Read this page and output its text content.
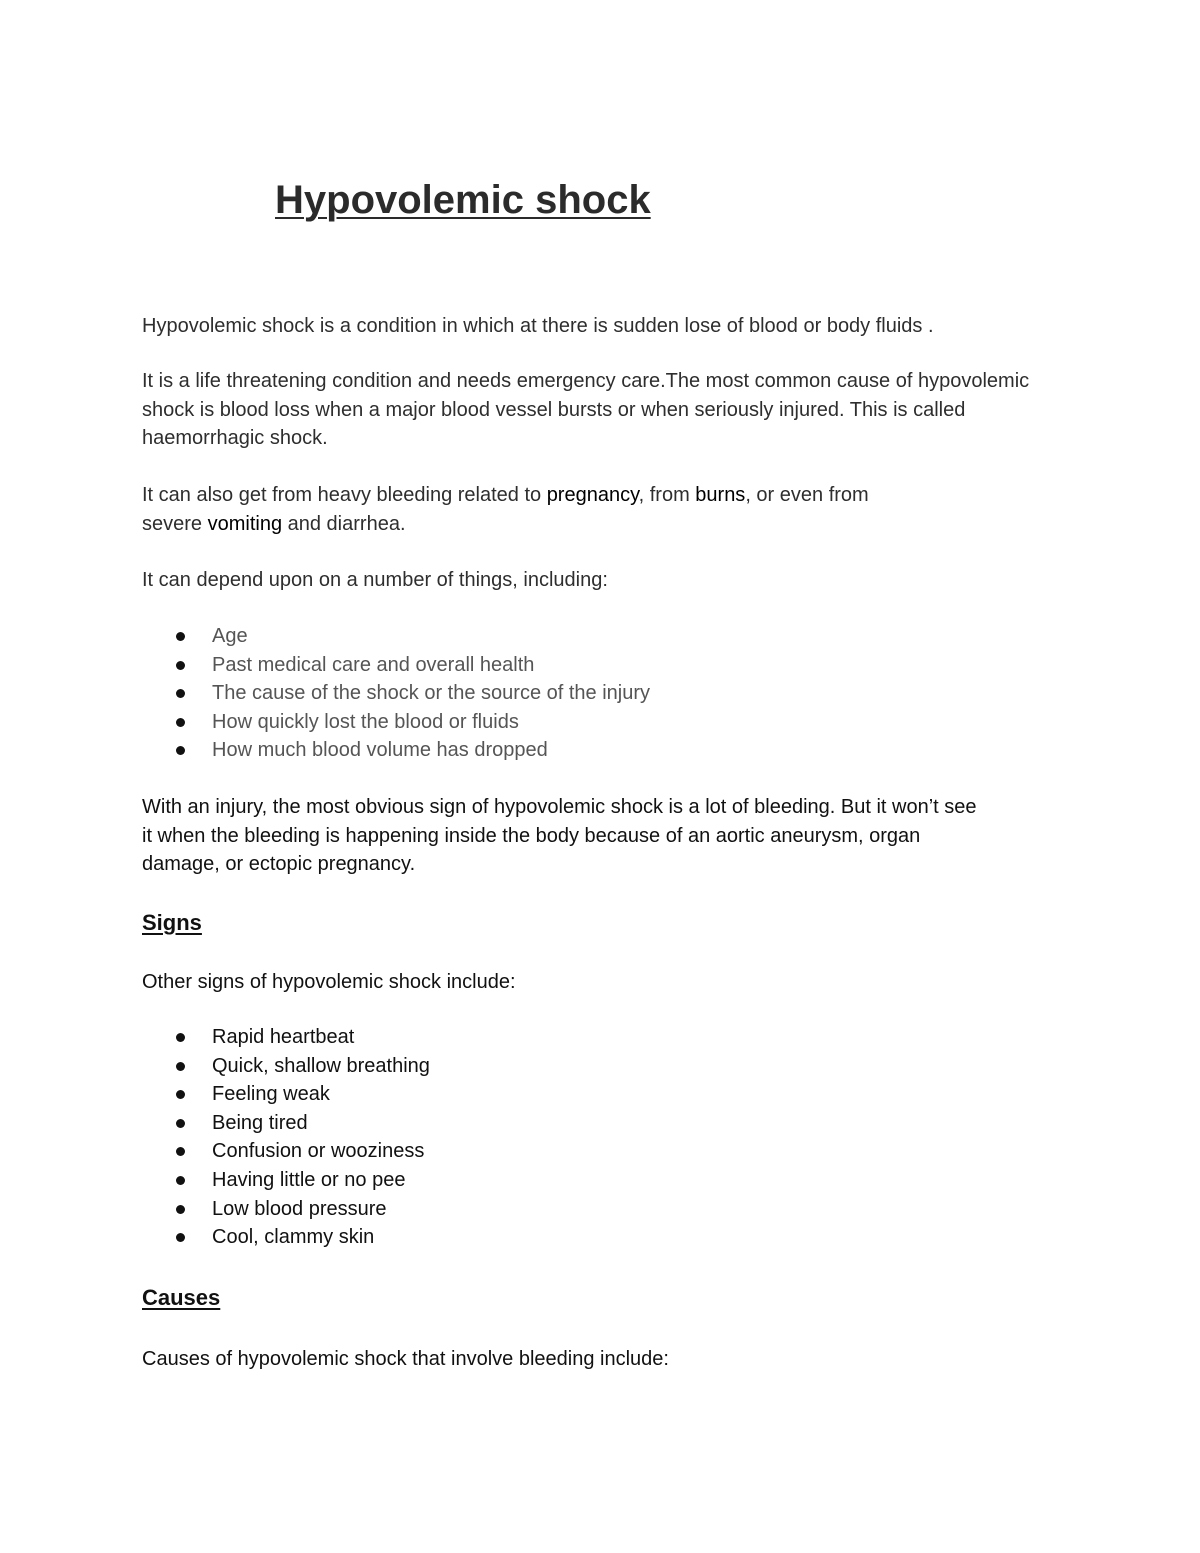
Hypovolemic shock

Hypovolemic shock is a condition in which at there is sudden lose of blood or body fluids .

It is a life threatening condition and needs emergency care.The most common cause of hypovolemic
shock is blood loss when a major blood vessel bursts or when seriously injured. This is called
haemorrhagic shock.
It can also get from heavy bleeding related to pregnancy, from burns, or even from
severe vomiting and diarrhea.

It can depend upon on a number of things, including:

Age
Past medical care and overall health
The cause of the shock or the source of the injury
How quickly lost the blood or fluids
How much blood volume has dropped
With an injury, the most obvious sign of hypovolemic shock is a lot of bleeding. But it won’t see
it when the bleeding is happening inside the body because of an aortic aneurysm, organ
damage, or ectopic pregnancy.
Signs

Other signs of hypovolemic shock include:

Rapid heartbeat
Quick, shallow breathing
Feeling weak
Being tired
Confusion or wooziness
Having little or no pee
Low blood pressure
Cool, clammy skin
Causes

Causes of hypovolemic shock that involve bleeding include:
